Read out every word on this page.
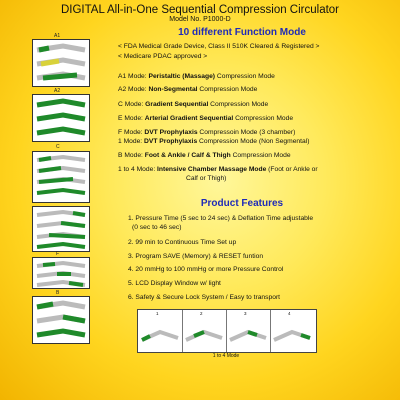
DIGITAL All-in-One Sequential Compression Circulator
Model No. P1000-D
A1
A2
C
F
B
10 different Function Mode
< FDA Medical Grade Device, Class II 510K Cleared & Registered >
< Medicare PDAC approved >
A1 Mode: Peristaltic (Massage) Compression Mode
A2 Mode: Non-Segmental Compression Mode
C Mode: Gradient Sequential Compression Mode
E Mode: Arterial Gradient Sequential Compression Mode
F Mode: DVT Prophylaxis Compressoin Mode (3 chamber)
1 Mode: DVT Prophylaxis Compression Mode (Non Segmental)
B Mode: Foot & Ankle / Calf & Thigh Compression Mode
1 to 4 Mode: Intensive Chamber Massage Mode (Foot or Ankle or
Calf or Thigh)
Product Features
1. Pressure Time (5 sec to 24 sec) & Deflation Time adjustable
(0 sec to 46 sec)
2. 99 min to Continuous Time Set up
3. Program SAVE (Memory) & RESET funtion
4. 20 mmHg to 100 mmHg or more Pressure Control
5. LCD Display Window w/ light
6. Safety & Secure Lock System / Easy to transport
1	2	3	4
1 to 4 Mode
